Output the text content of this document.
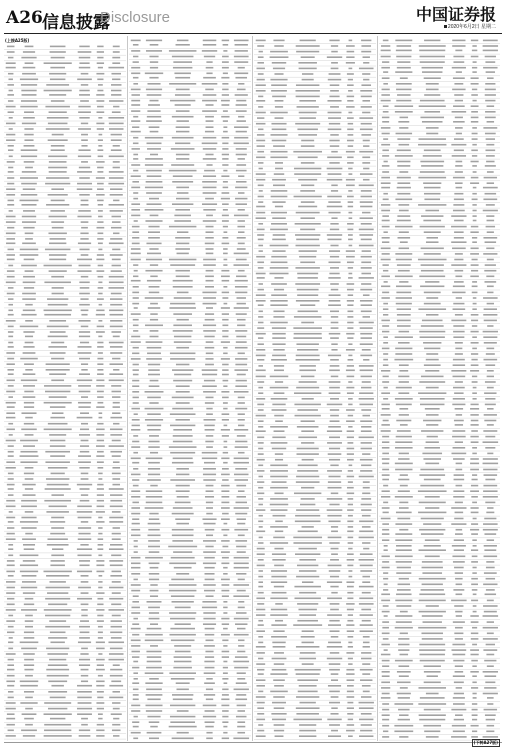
A26 信息披露
Disclosure	中国证券报
2020年6月2日 星期二
(上接A25版)
(下转A27版)
